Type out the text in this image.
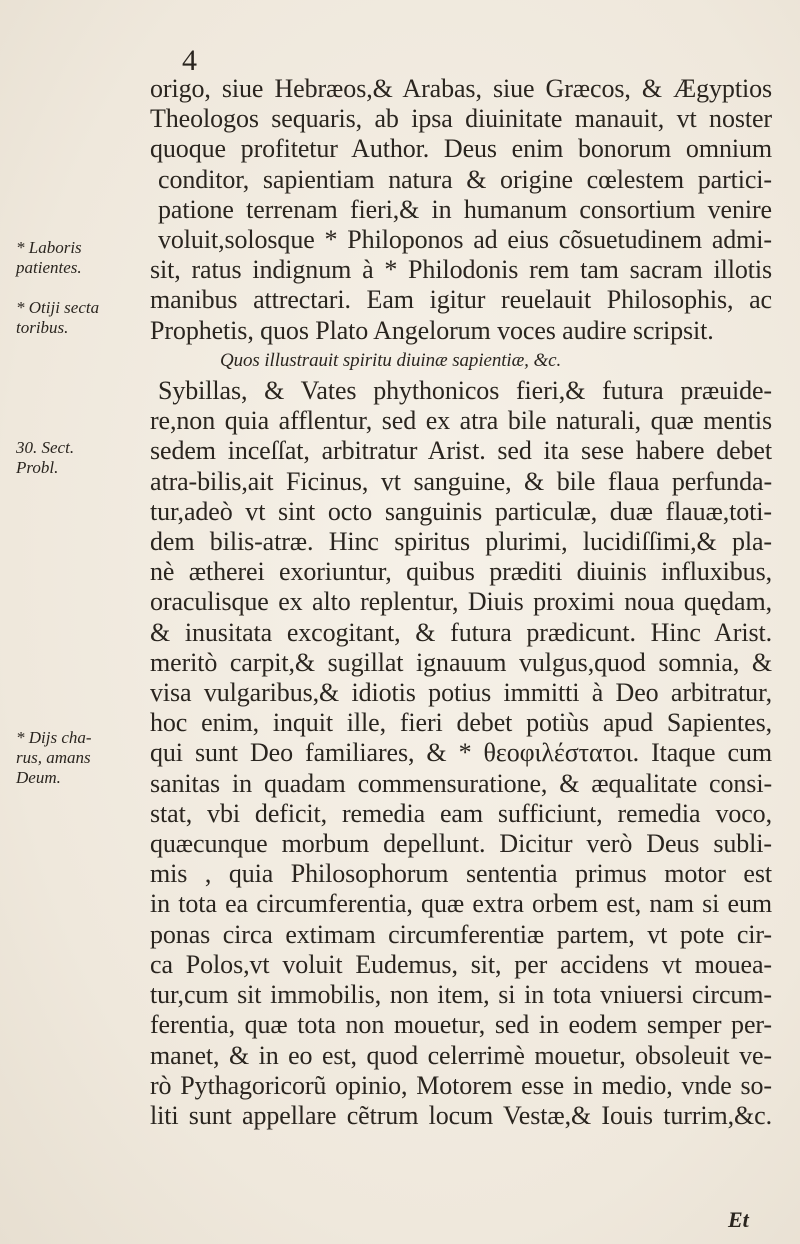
4
origo, siue Hebræos,& Arabas, siue Græcos, & Ægyptios
Theologos sequaris, ab ipsa diuinitate manauit, vt noster
quoque profitetur Author. Deus enim bonorum omnium
conditor, sapientiam natura & origine cœlestem partici-
patione terrenam fieri,& in humanum consortium venire
voluit,solosque * Philoponos ad eius cõsuetudinem admi-
sit, ratus indignum à * Philodonis rem tam sacram illotis
manibus attrectari. Eam igitur reuelauit Philosophis, ac
Prophetis, quos Plato Angelorum voces audire scripsit.
Quos illustrauit spiritu diuinæ sapientiæ, &c.
Sybillas, & Vates phythonicos fieri,& futura præuide-
re,non quia afflentur, sed ex atra bile naturali, quæ mentis
sedem inceſſat, arbitratur Arist. sed ita sese habere debet
atra-bilis,ait Ficinus, vt sanguine, & bile flaua perfunda-
tur,adeò vt sint octo sanguinis particulæ, duæ flauæ,toti-
dem bilis-atræ. Hinc spiritus plurimi, lucidiſſimi,& pla-
nè ætherei exoriuntur, quibus præditi diuinis influxibus,
oraculisque ex alto replentur, Diuis proximi noua quędam,
& inusitata excogitant, & futura prædicunt. Hinc Arist.
meritò carpit,& sugillat ignauum vulgus,quod somnia, &
visa vulgaribus,& idiotis potius immitti à Deo arbitratur,
hoc enim, inquit ille, fieri debet potiùs apud Sapientes,
qui sunt Deo familiares, & * θεοφιλέστατοι. Itaque cum
sanitas in quadam commensuratione, & æqualitate consi-
stat, vbi deficit, remedia eam sufficiunt, remedia voco,
quæcunque morbum depellunt. Dicitur verò Deus subli-
mis , quia Philosophorum sententia primus motor est
in tota ea circumferentia, quæ extra orbem est, nam si eum
ponas circa extimam circumferentiæ partem, vt pote cir-
ca Polos,vt voluit Eudemus, sit, per accidens vt mouea-
tur,cum sit immobilis, non item, si in tota vniuersi circum-
ferentia, quæ tota non mouetur, sed in eodem semper per-
manet, & in eo est, quod celerrimè mouetur, obsoleuit ve-
rò Pythagoricorũ opinio, Motorem esse in medio, vnde so-
liti sunt appellare cẽtrum locum Vestæ,& Iouis turrim,&c.
* Laboris
patientes.
* Otiji secta
toribus.
30. Sect.
Probl.
* Dijs cha-
rus, amans
Deum.
Et
